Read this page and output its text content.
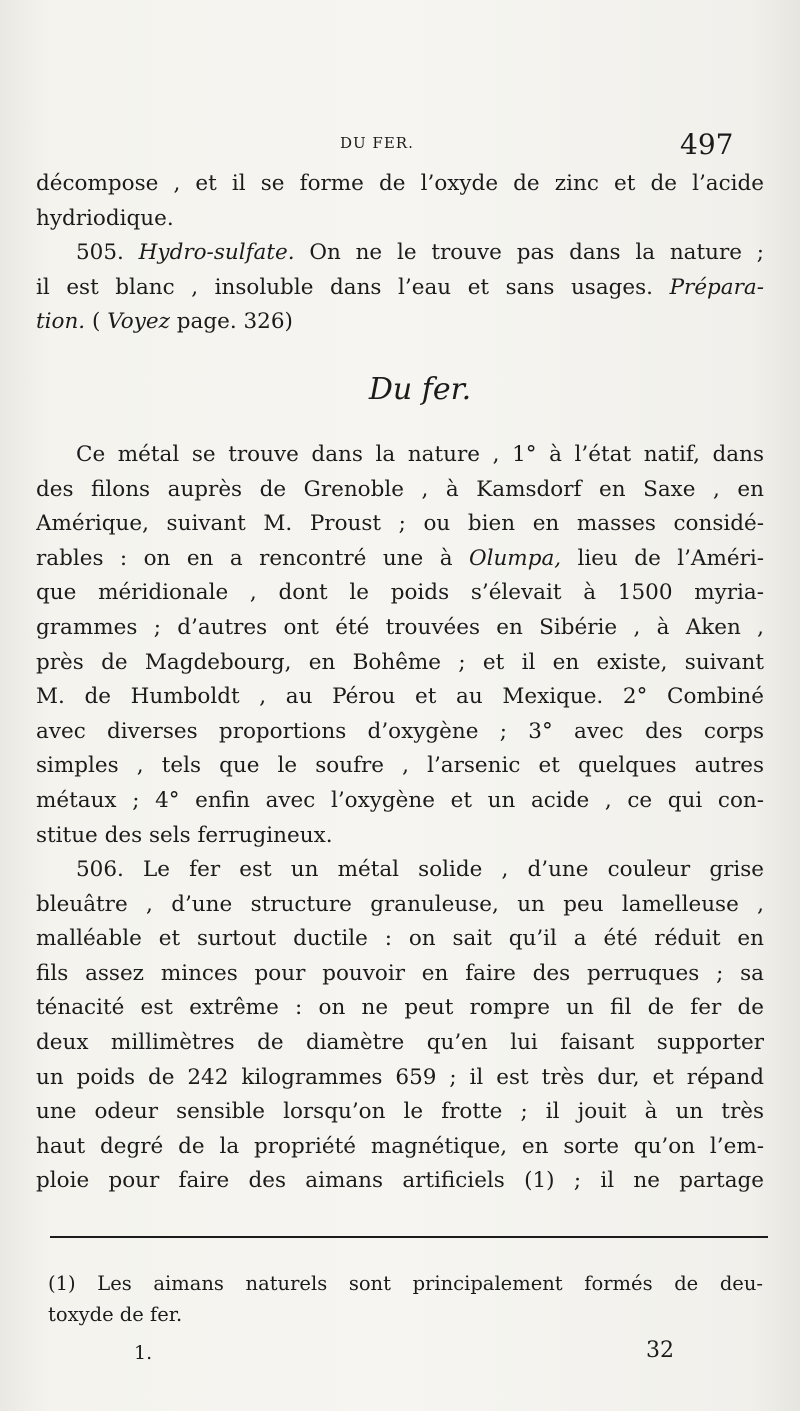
DU FER.	497
décompose , et il se forme de l’oxyde de zinc et de l’acide
hydriodique.
505. Hydro-sulfate. On ne le trouve pas dans la nature ;
il est blanc , insoluble dans l’eau et sans usages. Prépara-
tion. ( Voyez page. 326)
Du fer.
Ce métal se trouve dans la nature , 1° à l’état natif, dans
des filons auprès de Grenoble , à Kamsdorf en Saxe , en
Amérique, suivant M. Proust ; ou bien en masses considé-
rables : on en a rencontré une à Olumpa, lieu de l’Améri-
que méridionale , dont le poids s’élevait à 1500 myria-
grammes ; d’autres ont été trouvées en Sibérie , à Aken ,
près de Magdebourg, en Bohême ; et il en existe, suivant
M. de Humboldt , au Pérou et au Mexique. 2° Combiné
avec diverses proportions d’oxygène ; 3° avec des corps
simples , tels que le soufre , l’arsenic et quelques autres
métaux ; 4° enfin avec l’oxygène et un acide , ce qui con-
stitue des sels ferrugineux.
506. Le fer est un métal solide , d’une couleur grise
bleuâtre , d’une structure granuleuse, un peu lamelleuse ,
malléable et surtout ductile : on sait qu’il a été réduit en
fils assez minces pour pouvoir en faire des perruques ; sa
ténacité est extrême : on ne peut rompre un fil de fer de
deux millimètres de diamètre qu’en lui faisant supporter
un poids de 242 kilogrammes 659 ; il est très dur, et répand
une odeur sensible lorsqu’on le frotte ; il jouit à un très
haut degré de la propriété magnétique, en sorte qu’on l’em-
ploie pour faire des aimans artificiels (1) ; il ne partage
(1) Les aimans naturels sont principalement formés de deu-
toxyde de fer.
1.	32
